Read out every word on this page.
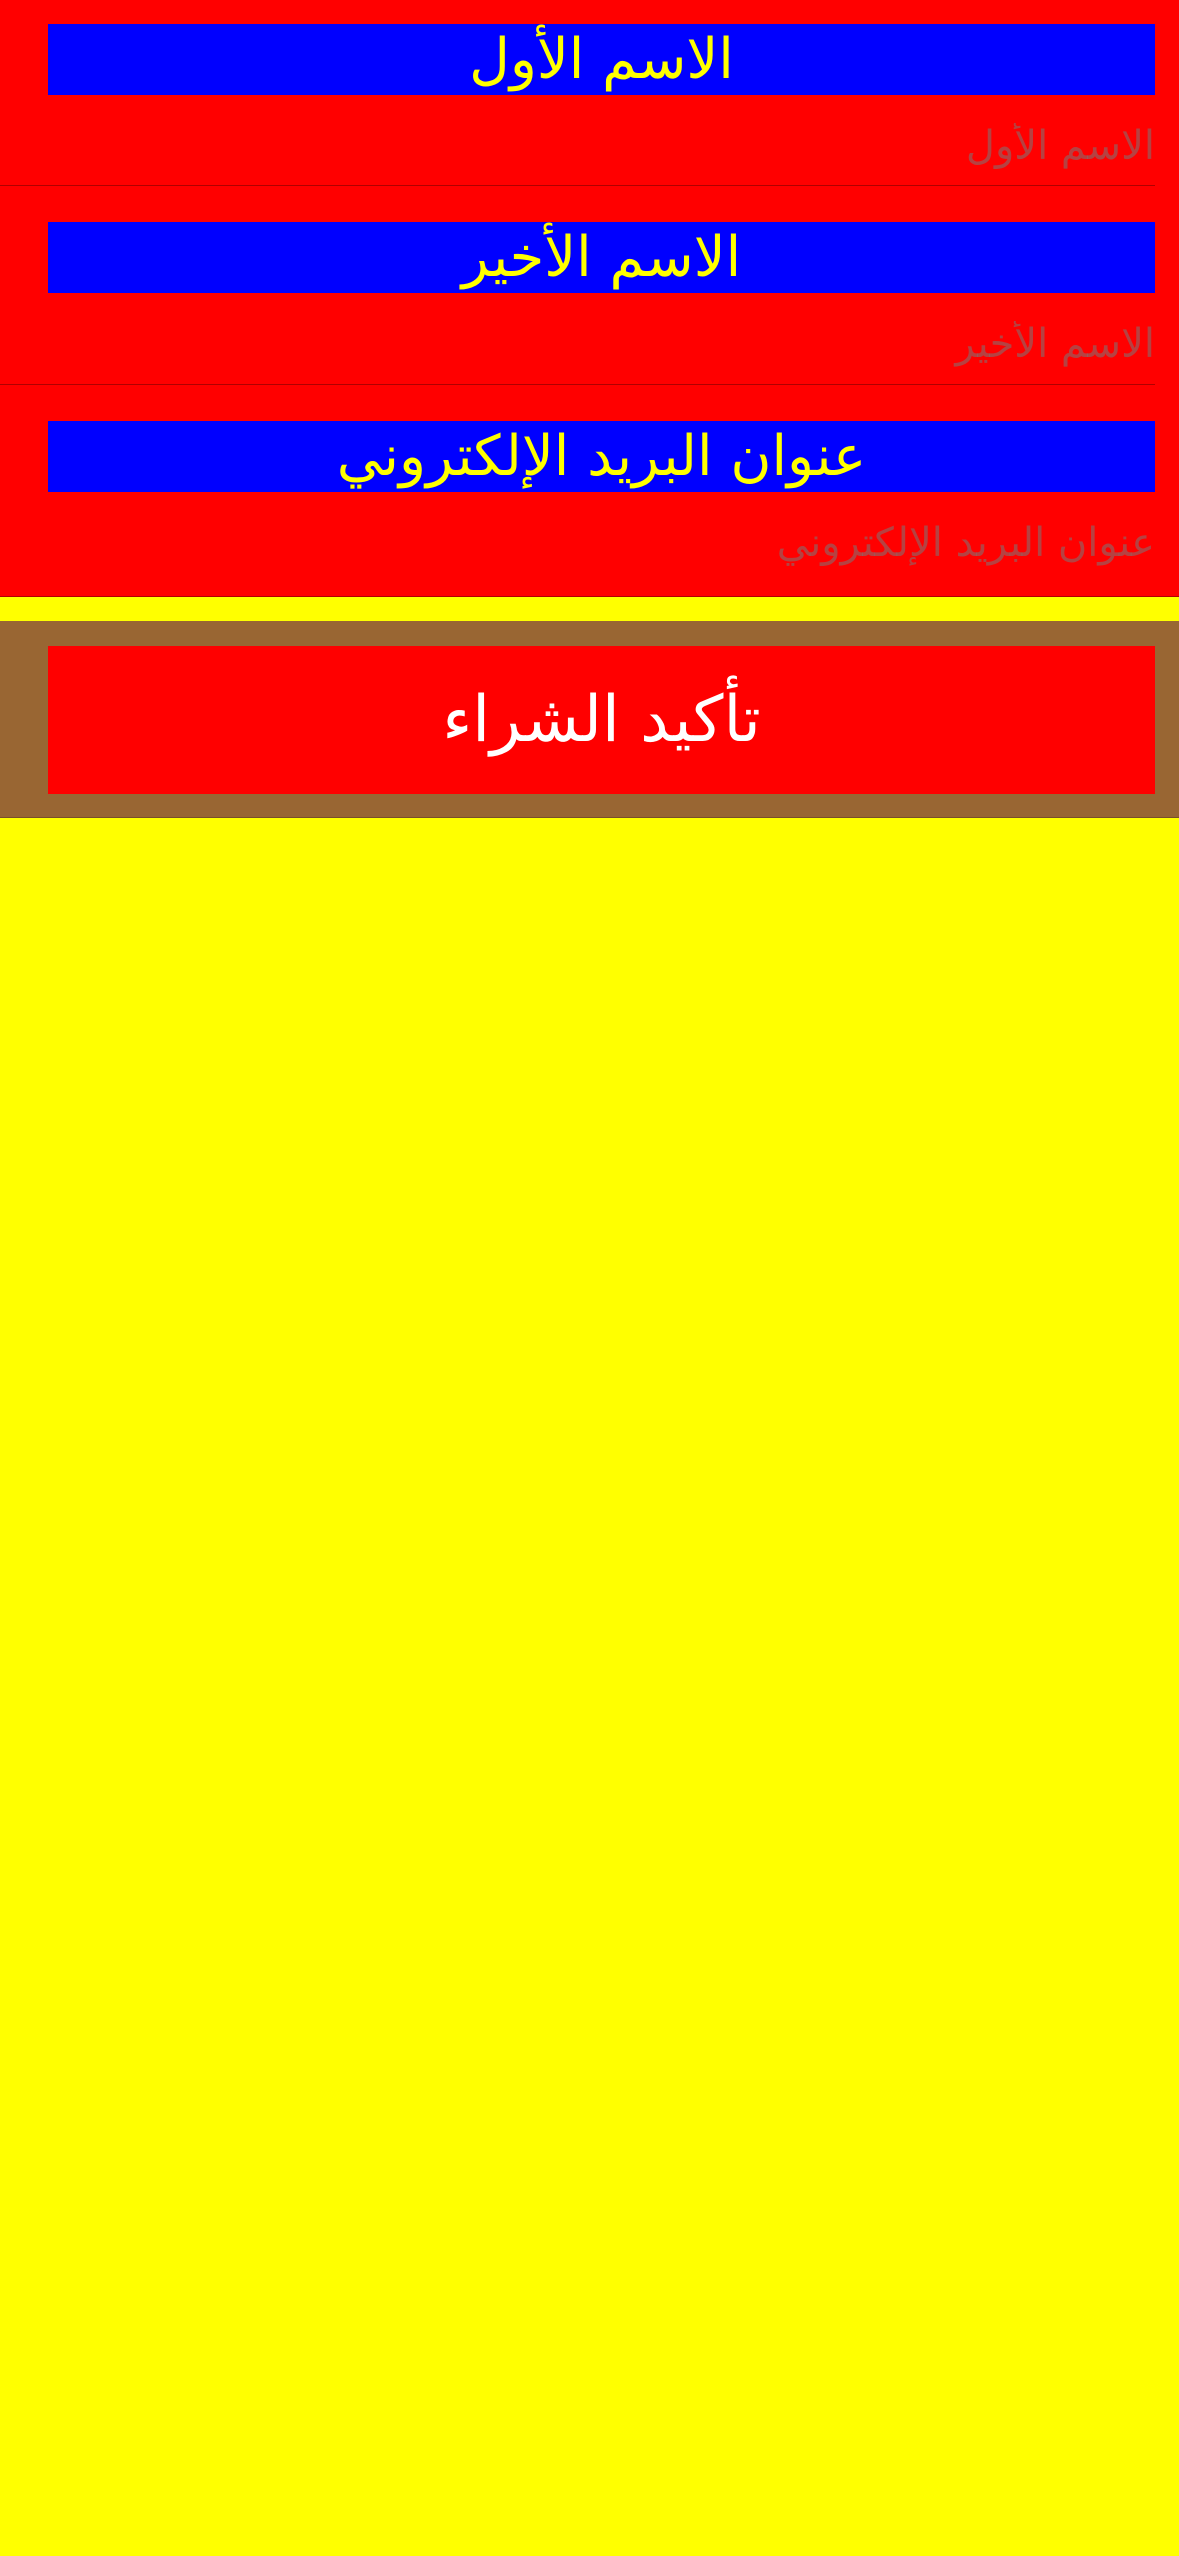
الاسم الأول
الاسم الأول
الاسم الأخير
الاسم الأخير
عنوان البريد الإلكتروني
عنوان البريد الإلكتروني
تأكيد الشراء
